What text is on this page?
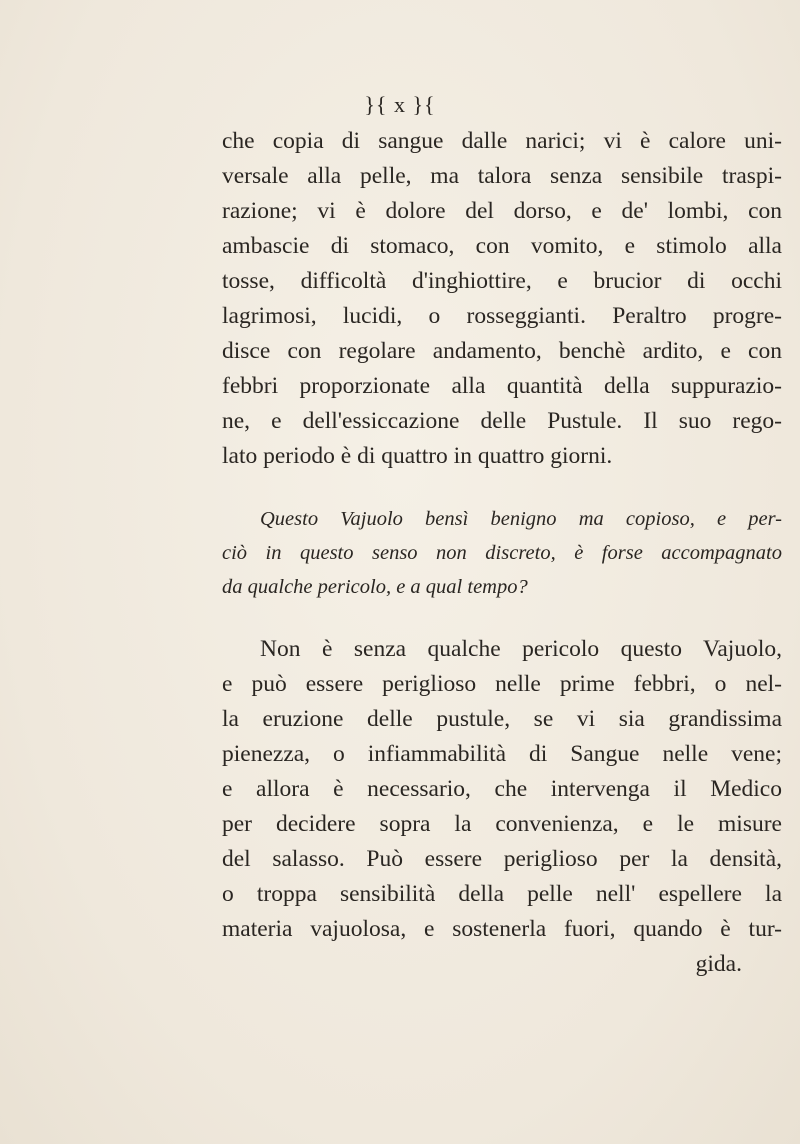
}{ x }{
che copia di sangue dalle narici; vi è calore uni-
versale alla pelle, ma talora senza sensibile traspi-
razione; vi è dolore del dorso, e de' lombi, con
ambascie di stomaco, con vomito, e stimolo alla
tosse, difficoltà d'inghiottire, e brucior di occhi
lagrimosi, lucidi, o rosseggianti. Peraltro progre-
disce con regolare andamento, benchè ardito, e con
febbri proporzionate alla quantità della suppurazio-
ne, e dell'essiccazione delle Pustule. Il suo rego-
lato periodo è di quattro in quattro giorni.
Questo Vajuolo bensì benigno ma copioso, e per-
ciò in questo senso non discreto, è forse accompagnato
da qualche pericolo, e a qual tempo?
Non è senza qualche pericolo questo Vajuolo,
e può essere periglioso nelle prime febbri, o nel-
la eruzione delle pustule, se vi sia grandissima
pienezza, o infiammabilità di Sangue nelle vene;
e allora è necessario, che intervenga il Medico
per decidere sopra la convenienza, e le misure
del salasso. Può essere periglioso per la densità,
o troppa sensibilità della pelle nell' espellere la
materia vajuolosa, e sostenerla fuori, quando è tur-
gida.
